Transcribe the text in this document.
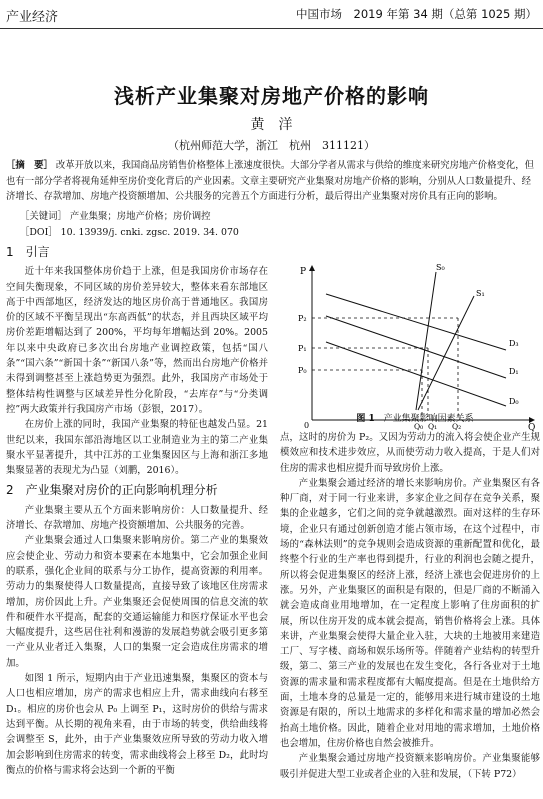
产业经济	中国市场　2019 年第 34 期（总第 1025 期）
浅析产业集聚对房地产价格的影响
黄　洋
（杭州师范大学，浙江　杭州　311121）
［摘　要］ 改革开放以来，我国商品房销售价格整体上涨速度很快。大部分学者从需求与供给的维度来研究房地产价格变化，但也有一部分学者将视角延伸至房价变化背后的产业因素。文章主要研究产业集聚对房地产价格的影响，分别从人口数量提升、经济增长、存款增加、房地产投资额增加、公共服务的完善五个方面进行分析，最后得出产业集聚对房价具有正向的影响。
［关键词］ 产业集聚；房地产价格；房价调控
［DOI］ 10. 13939/j. cnki. zgsc. 2019. 34. 070
1　引言

近十年来我国整体房价趋于上涨，但是我国房价市场存在空间失衡现象，不同区域的房价差异较大，整体来看东部地区高于中西部地区，经济发达的地区房价高于普通地区。我国房价的区域不平衡呈现出“东高西低”的状态，并且西块区域平均房价差距增幅达到了 200%，平均每年增幅达到 20%。2005 年以来中央政府已多次出台房地产业调控政策，包括“国八条”“国六条”“新国十条”“新国八条”等，然而出台房地产价格并未得到调整甚至上涨趋势更为强烈。此外，我国房产市场处于整体结构性调整与区域差异性分化阶段，“去库存”与“分类调控”两大政策并行我国房产市场（彭银，2017）。

在房价上涨的同时，我国产业集聚的特征也越发凸显。21 世纪以来，我国东部沿海地区以工业制造业为主的第二产业集聚水平显著提升，其中江苏的工业集聚因区与上海和浙江多地集聚显著的表现尤为凸显（刘鹏，2016）。

2　产业集聚对房价的正向影响机理分析

产业集聚主要从五个方面来影响房价：人口数量提升、经济增长、存款增加、房地产投资额增加、公共服务的完善。

产业集聚会通过人口集聚来影响房价。第二产业的集聚效应会使企业、劳动力和资本要素在本地集中，它会加强企业间的联系，强化企业间的联系与分工协作，提高资源的利用率。劳动力的集聚使得人口数量提高，直接导致了该地区住房需求增加，房价因此上升。产业集聚还会促使周围的信息交流的软件和硬件水平提高，配套的交通运输能力和医疗保证水平也会大幅度提升，这些居住社利和漫游的发展趋势就会吸引更多第一产业从业者迁入集聚，人口的集聚一定会造成住房需求的增加。

如图 1 所示，短期内由于产业迅速集聚，集聚区的资本与人口也相应增加，房产的需求也相应上升，需求曲线向右移至 D₁。相应的房价也会从 P₀ 上调至 P₁，这时房价的供给与需求达到平衡。从长期的视角来看，由于市场的转变，供给曲线将会调整至 S，此外，由于产业集聚效应所导致的劳动力收入增加会影响到住房需求的转变，需求曲线将会上移至 D₂，此时均衡点的价格与需求将会达到一个新的平衡

P
Q
0
S₀
S₁
D₃
D₁
D₀
P₂
P₁
P₀
Q₀ Q₁ Q₂
图 1 产业集聚影响因素关系

点，这时的房价为 P₂。又因为劳动力的流入将会使企业产生规模效应和技术进步效应，从而使劳动力收入提高，于是人们对住房的需求也相应提升而导致房价上涨。

产业集聚会通过经济的增长来影响房价。产业集聚区有各种厂商，对于同一行业来讲，多家企业之间存在竞争关系，聚集的企业越多，它们之间的竞争就越激烈。面对这样的生存环境，企业只有通过创新创造才能占领市场，在这个过程中，市场的“森林法则”的竞争规则会造成资源的重新配置和优化，最终整个行业的生产率也得到提升，行业的利润也会随之提升，所以将会促进集聚区的经济上涨，经济上涨也会促进房价的上涨。另外，产业集聚区的面积是有限的，但是厂商的不断涌入就会造成商业用地增加，在一定程度上影响了住房面积的扩展，所以住房开发的成本就会提高，销售价格将会上涨。具体来讲，产业集聚会使得大量企业入驻，大块的土地被用来建造工厂、写字楼、商场和娱乐场所等。伴随着产业结构的转型升级，第二、第三产业的发展也在发生变化，各行各业对于土地资源的需求量和需求程度都有大幅度提高。但是在土地供给方面，土地本身的总量是一定的，能够用来进行城市建设的土地资源是有限的，所以土地需求的多样化和需求量的增加必然会抬高土地价格。因此，随着企业对用地的需求增加，土地价格也会增加，住房价格也自然会被推升。

产业集聚会通过房地产投资额来影响房价。产业集聚能够吸引并促进大型工业或者企业的入驻和发展，（下转 P72）
